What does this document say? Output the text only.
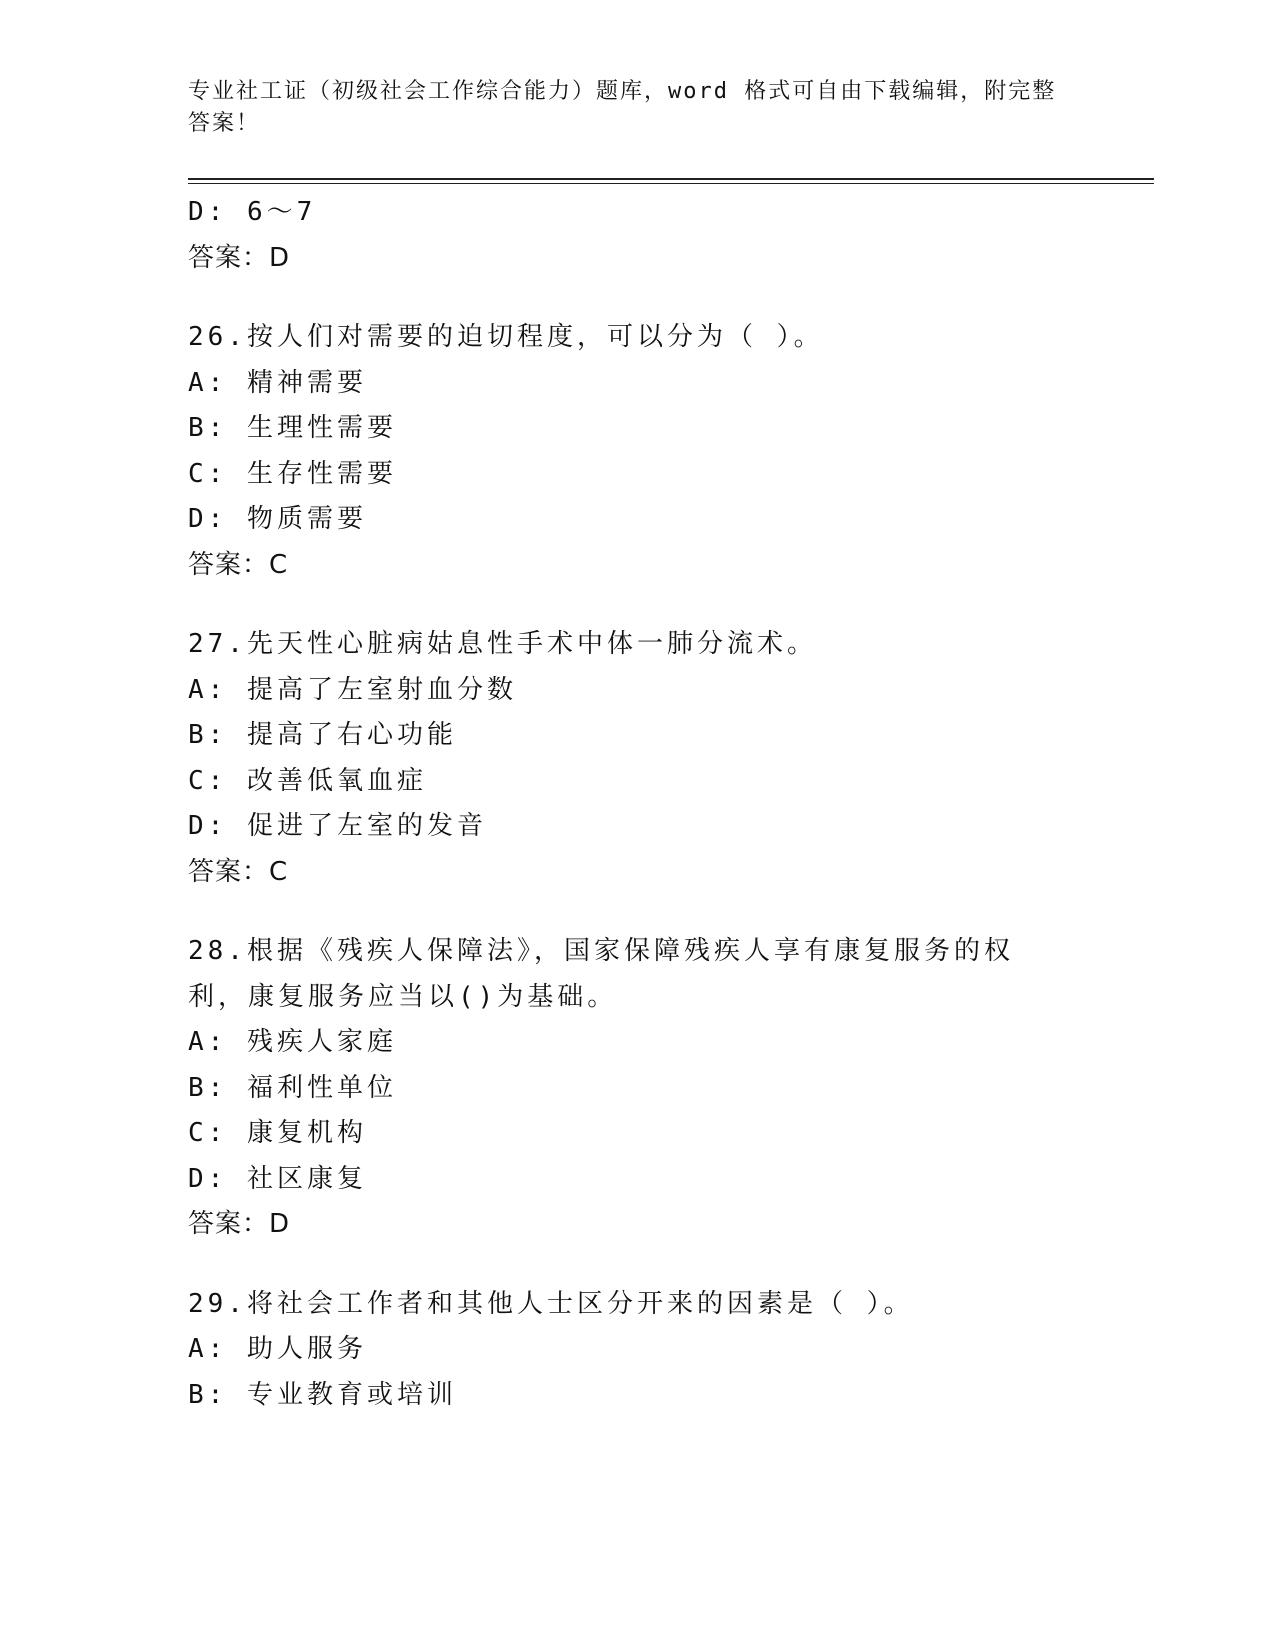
专业社工证（初级社会工作综合能力）题库，word 格式可自由下载编辑，附完整答案！
D: 6～7
答案：D
26.按人们对需要的迫切程度，可以分为（ ）。
A: 精神需要
B: 生理性需要
C: 生存性需要
D: 物质需要
答案：C
27.先天性心脏病姑息性手术中体一肺分流术。
A: 提高了左室射血分数
B: 提高了右心功能
C: 改善低氧血症
D: 促进了左室的发音
答案：C
28.根据《残疾人保障法》，国家保障残疾人享有康复服务的权利，康复服务应当以()为基础。
A: 残疾人家庭
B: 福利性单位
C: 康复机构
D: 社区康复
答案：D
29.将社会工作者和其他人士区分开来的因素是（ ）。
A: 助人服务
B: 专业教育或培训
